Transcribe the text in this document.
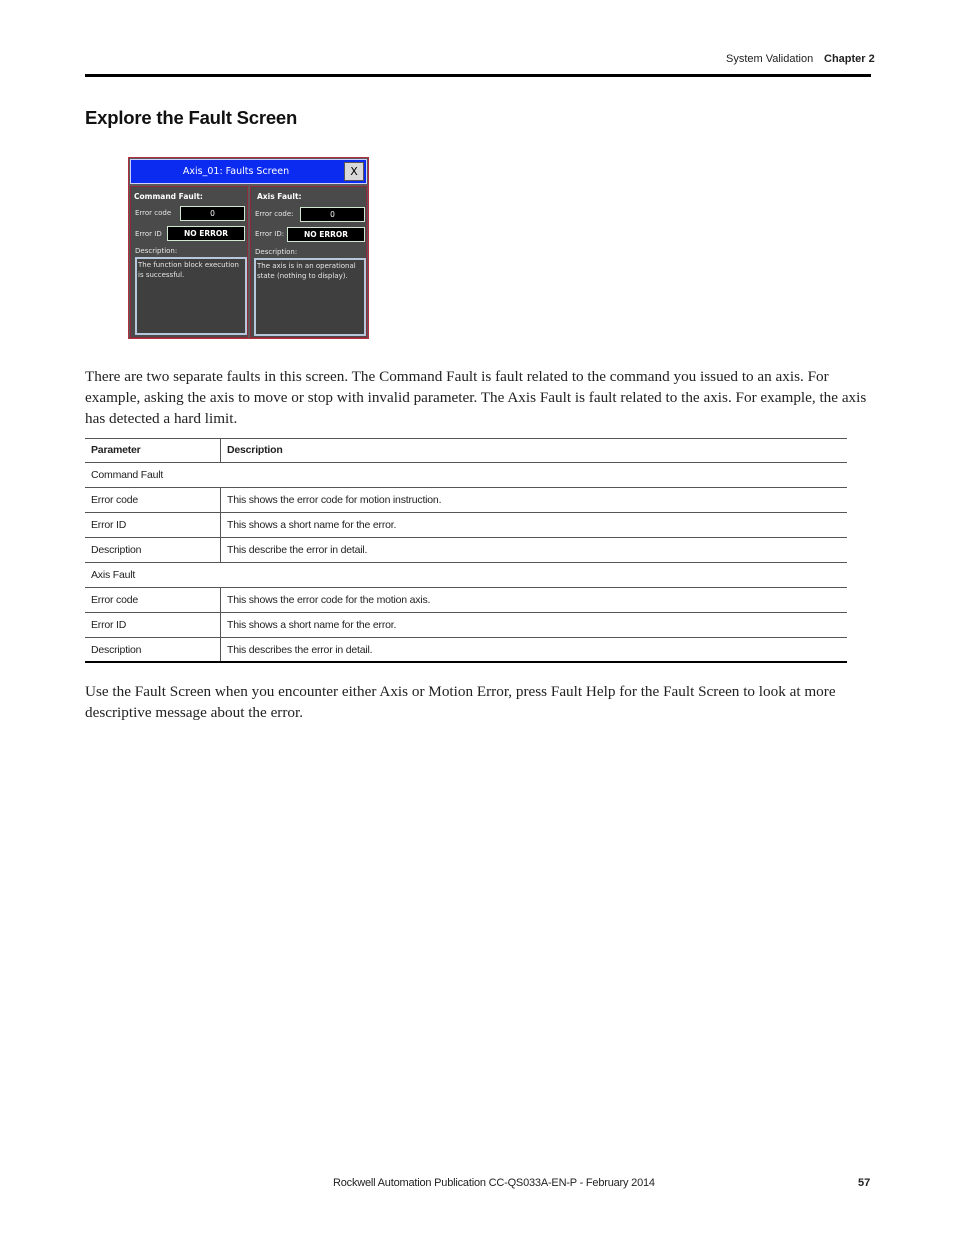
System Validation Chapter 2
Explore the Fault Screen
Axis_01: Faults Screen	X
Command Fault:
Error code	0
Error ID	NO ERROR
Description:
The function block execution is successful.
Axis Fault:
Error code:	0
Error ID:	NO ERROR
Description:
The axis is in an operational state (nothing to display).

There are two separate faults in this screen. The Command Fault is fault related to the command you issued to an axis. For example, asking the axis to move or stop with invalid parameter. The Axis Fault is fault related to the axis. For example, the axis has detected a hard limit.

Parameter	Description
Command Fault
Error code	This shows the error code for motion instruction.
Error ID	This shows a short name for the error.
Description	This describe the error in detail.
Axis Fault
Error code	This shows the error code for the motion axis.
Error ID	This shows a short name for the error.
Description	This describes the error in detail.

Use the Fault Screen when you encounter either Axis or Motion Error, press Fault Help for the Fault Screen to look at more descriptive message about the error.

Rockwell Automation Publication CC-QS033A-EN-P - February 2014	57
